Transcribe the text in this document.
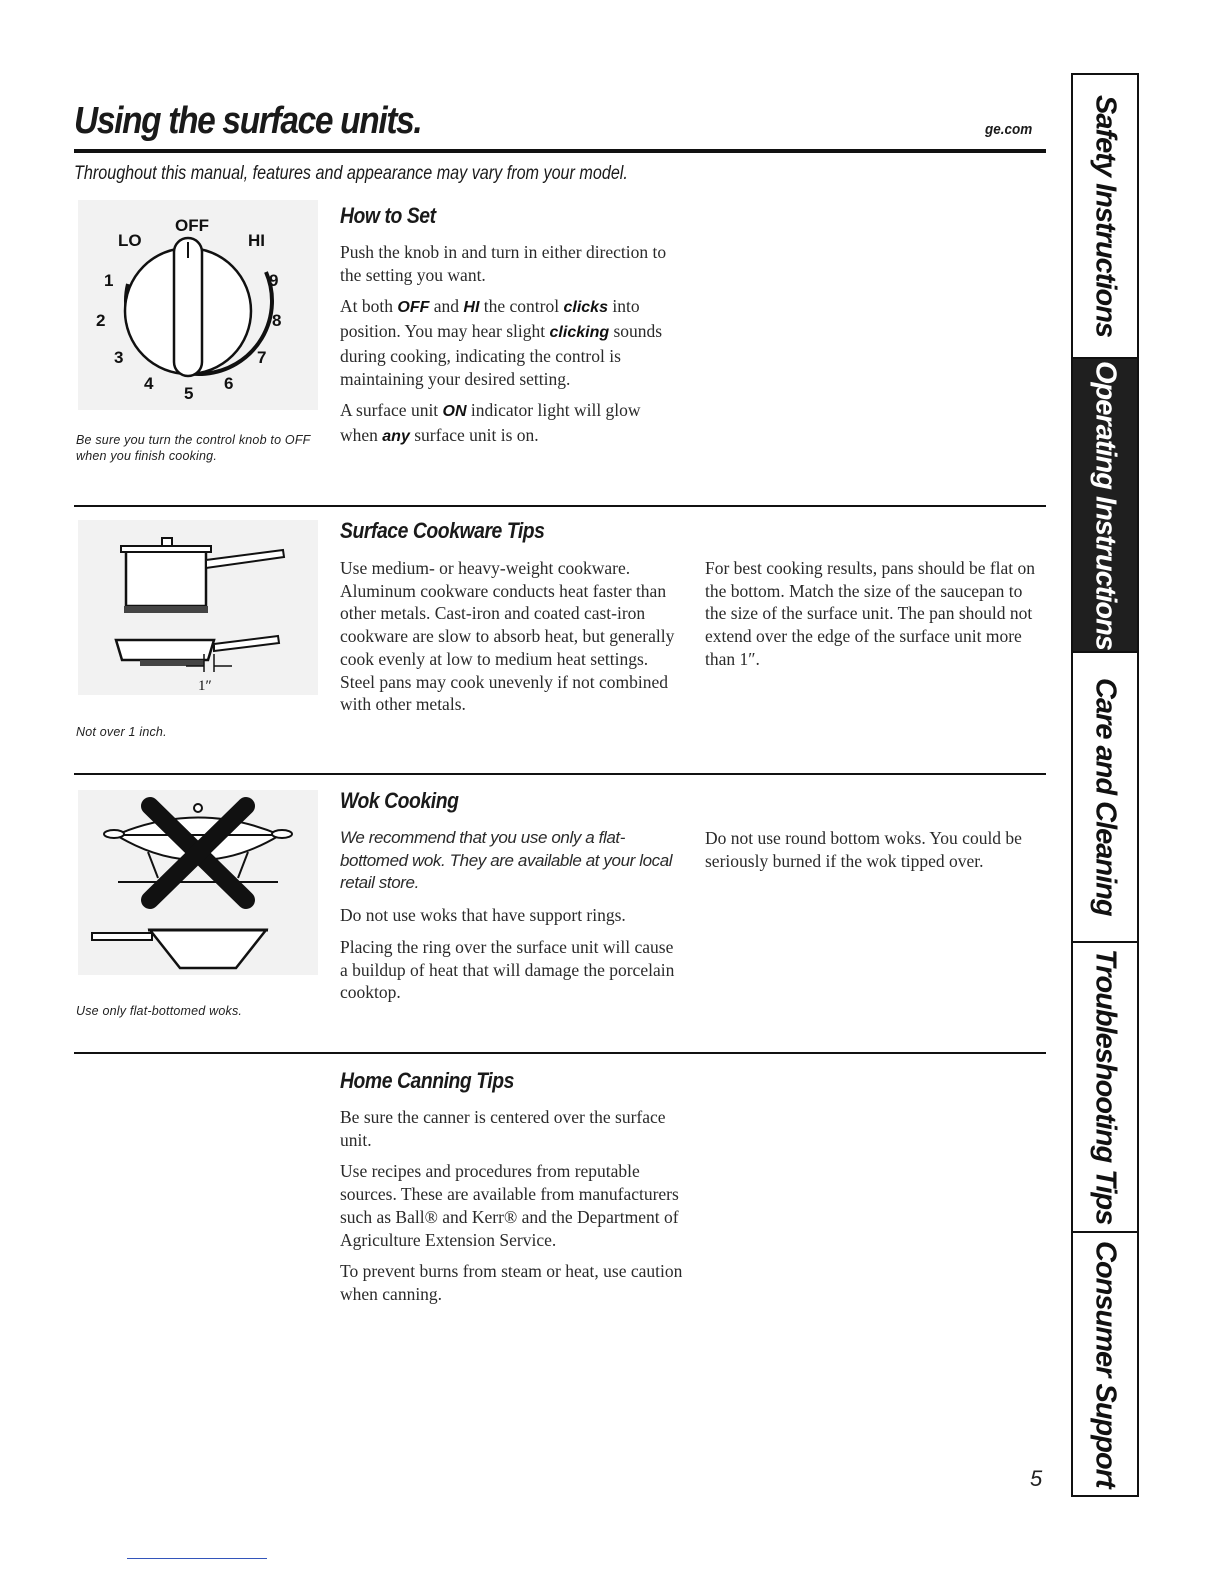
Using the surface units.	ge.com
Throughout this manual, features and appearance may vary from your model.
OFF
LO	HI
1
2
3
4
5
6
7
8
9
Be sure you turn the control knob to OFF when you finish cooking.
How to Set

Push the knob in and turn in either direction to the setting you want.

At both OFF and HI the control clicks into position. You may hear slight clicking sounds during cooking, indicating the control is maintaining your desired setting.

A surface unit ON indicator light will glow when any surface unit is on.

1″
Not over 1 inch.
Surface Cookware Tips

Use medium- or heavy-weight cookware. Aluminum cookware conducts heat faster than other metals. Cast-iron and coated cast-iron cookware are slow to absorb heat, but generally cook evenly at low to medium heat settings. Steel pans may cook unevenly if not combined with other metals.

For best cooking results, pans should be flat on the bottom. Match the size of the saucepan to the size of the surface unit. The pan should not extend over the edge of the surface unit more than 1″.

Use only flat-bottomed woks.
Wok Cooking

We recommend that you use only a flat-bottomed wok. They are available at your local retail store.

Do not use woks that have support rings.

Placing the ring over the surface unit will cause a buildup of heat that will damage the porcelain cooktop.

Do not use round bottom woks. You could be seriously burned if the wok tipped over.

Home Canning Tips

Be sure the canner is centered over the surface unit.

Use recipes and procedures from reputable sources. These are available from manufacturers such as Ball® and Kerr® and the Department of Agriculture Extension Service.

To prevent burns from steam or heat, use caution when canning.

Safety Instructions
Operating Instructions
Care and Cleaning
Troubleshooting Tips
Consumer Support
5
